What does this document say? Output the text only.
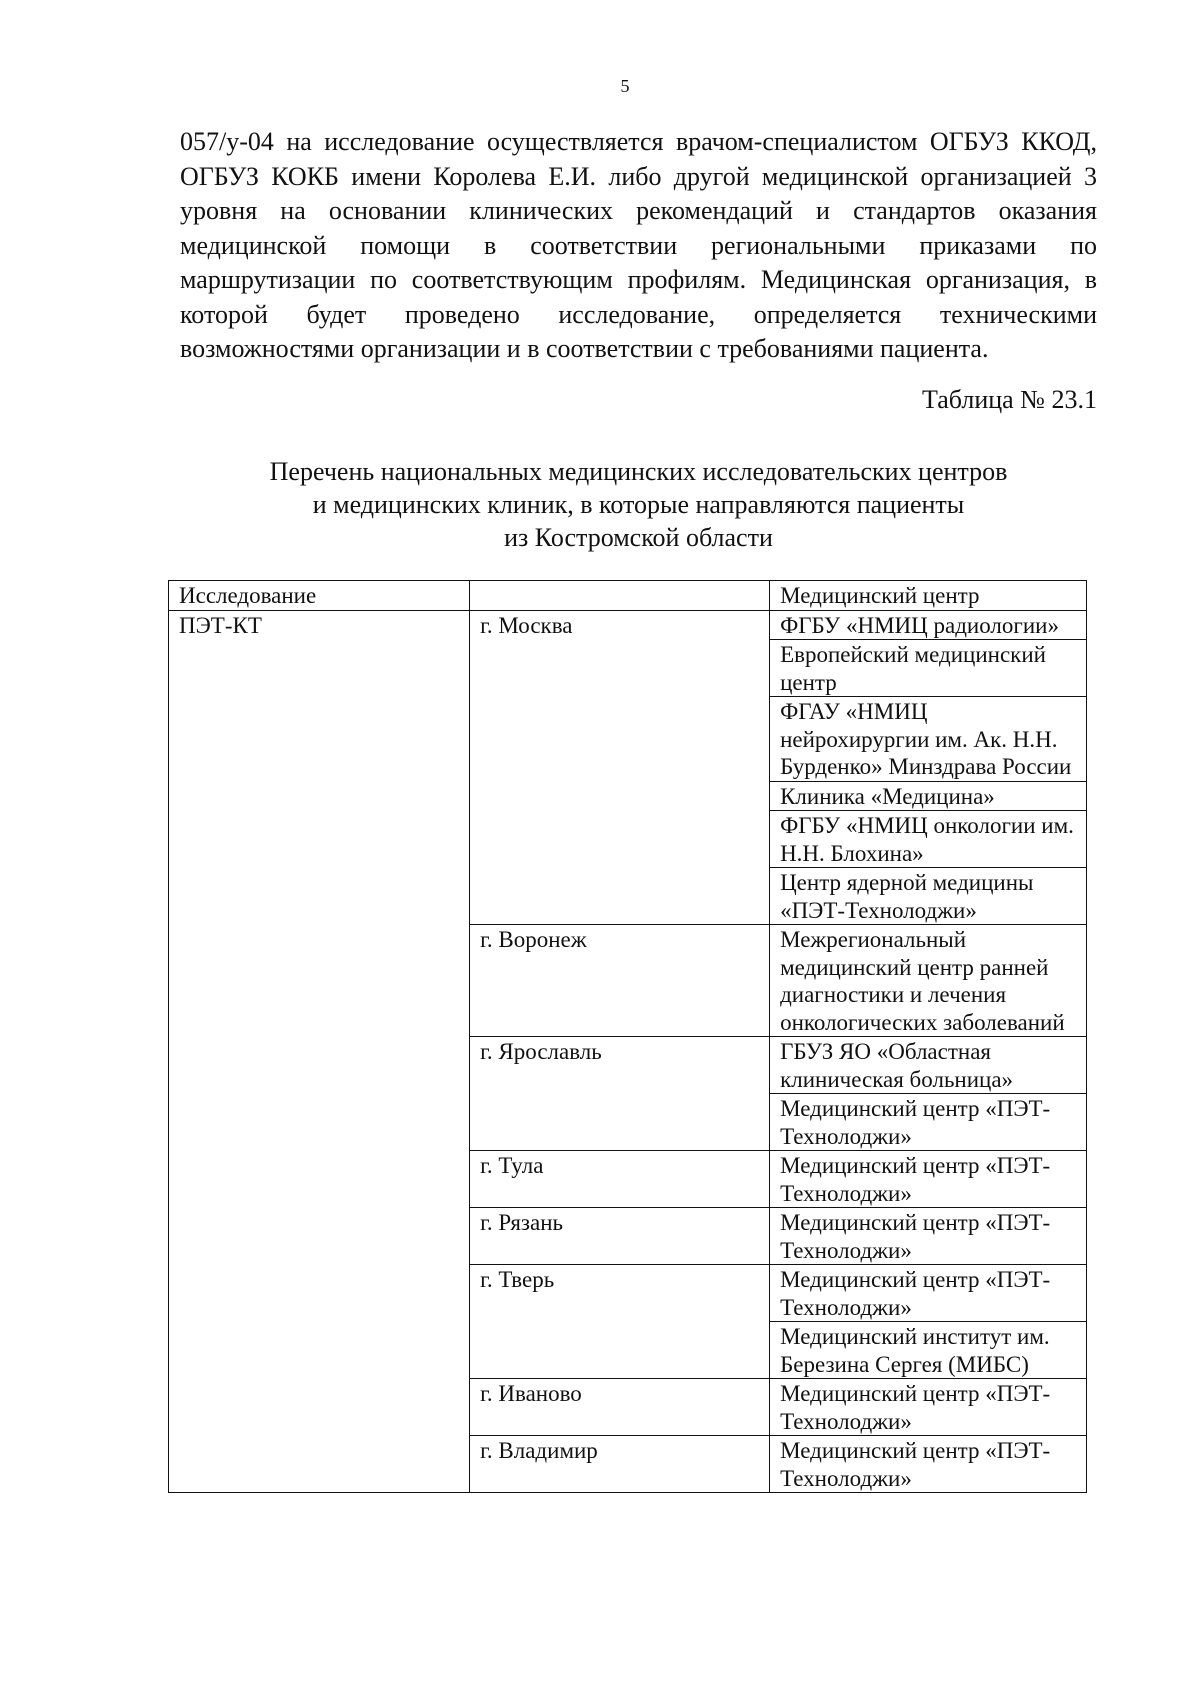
5

057/у-04 на исследование осуществляется врачом-специалистом ОГБУЗ ККОД, ОГБУЗ КОКБ имени Королева Е.И. либо другой медицинской организацией 3 уровня на основании клинических рекомендаций и стандартов оказания медицинской помощи в соответствии региональными приказами по маршрутизации по соответствующим профилям. Медицинская организация, в которой будет проведено исследование, определяется техническими возможностями организации и в соответствии с требованиями пациента.

Таблица № 23.1
Перечень национальных медицинских исследовательских центров
и медицинских клиник, в которые направляются пациенты
из Костромской области
Исследование		Медицинский центр
ПЭТ-КТ	г. Москва	ФГБУ «НМИЦ радиологии»
		Европейский медицинский центр
		ФГАУ «НМИЦ нейрохирургии им. Ак. Н.Н. Бурденко» Минздрава России
		Клиника «Медицина»
		ФГБУ «НМИЦ онкологии им. Н.Н. Блохина»
		Центр ядерной медицины «ПЭТ-Технолоджи»
	г. Воронеж	Межрегиональный медицинский центр ранней диагностики и лечения онкологических заболеваний
	г. Ярославль	ГБУЗ ЯО «Областная клиническая больница»
		Медицинский центр «ПЭТ-Технолоджи»
	г. Тула	Медицинский центр «ПЭТ-Технолоджи»
	г. Рязань	Медицинский центр «ПЭТ-Технолоджи»
	г. Тверь	Медицинский центр «ПЭТ-Технолоджи»
		Медицинский институт им. Березина Сергея (МИБС)
	г. Иваново	Медицинский центр «ПЭТ-Технолоджи»
	г. Владимир	Медицинский центр «ПЭТ-Технолоджи»
